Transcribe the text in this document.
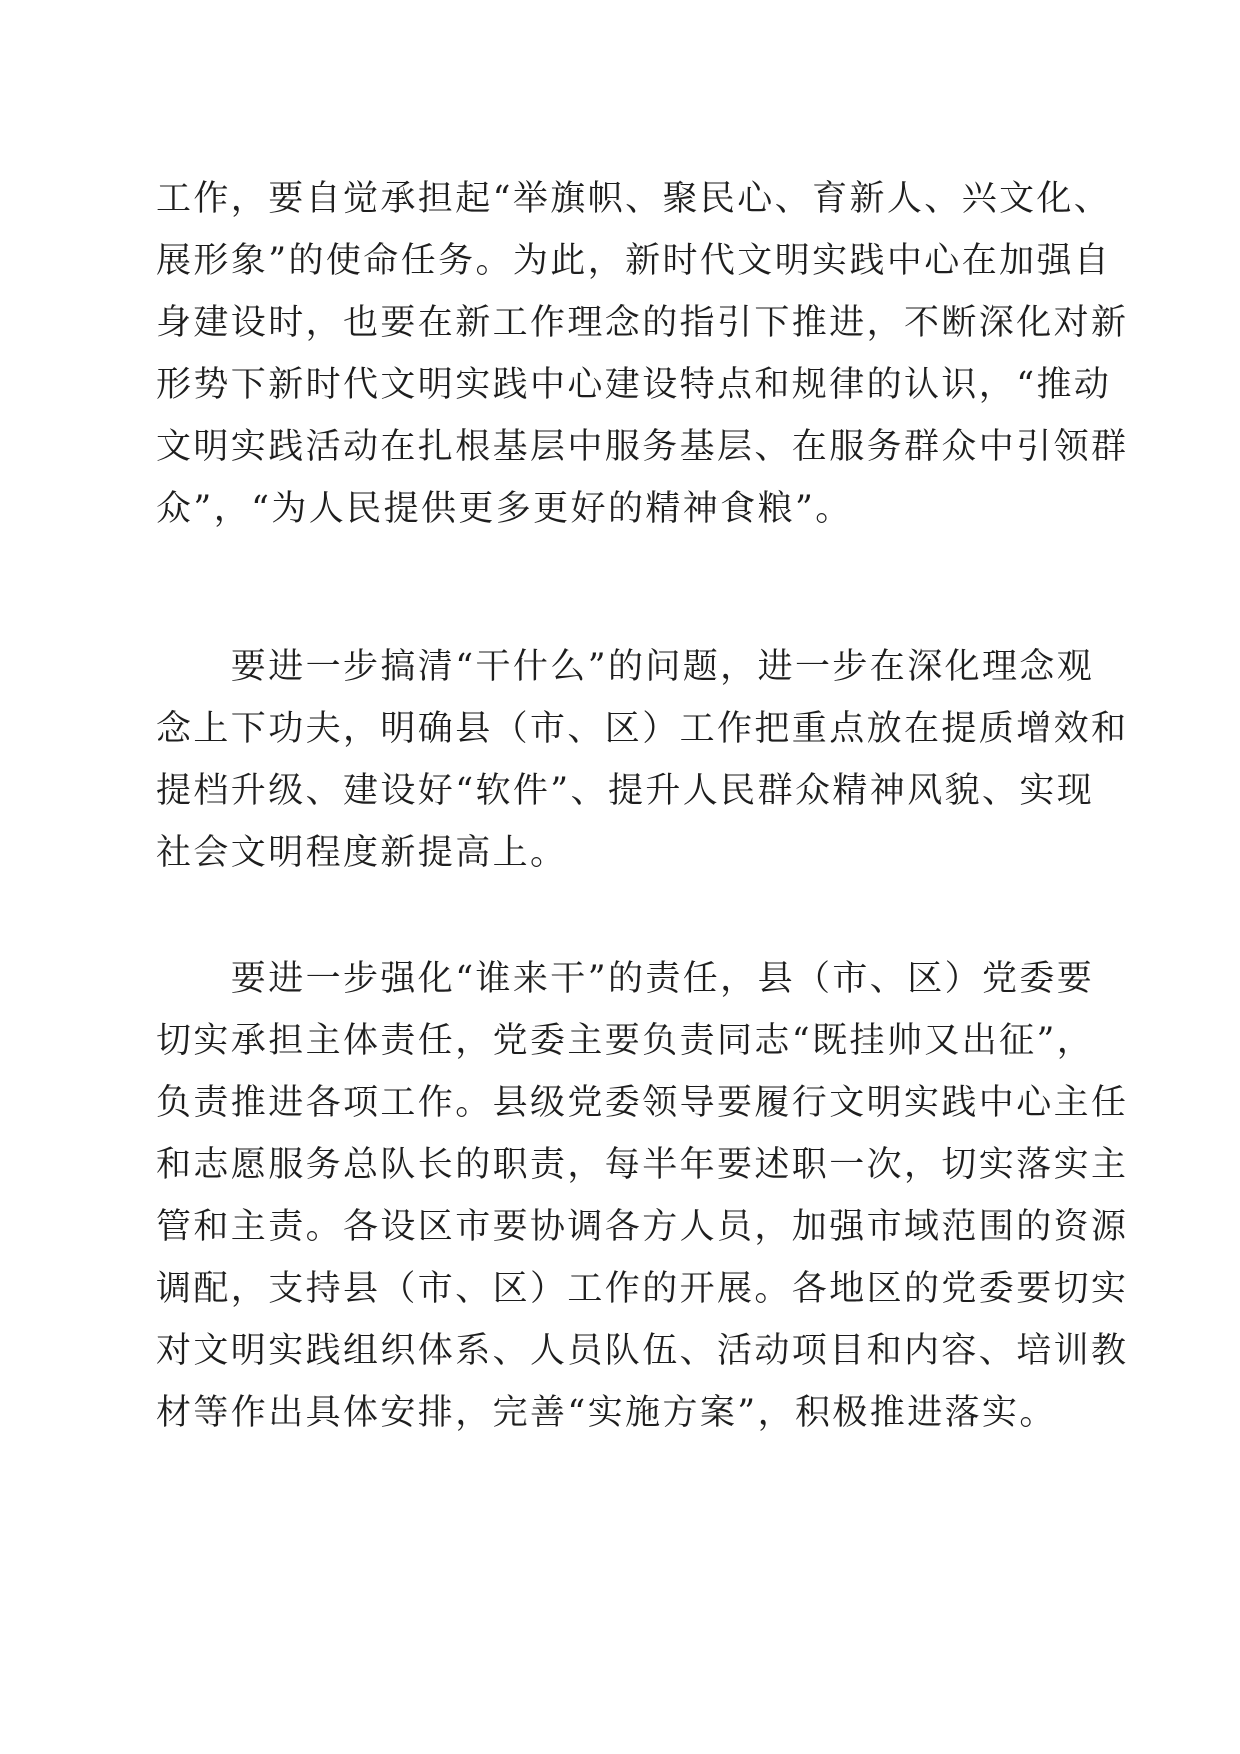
工作，要自觉承担起“举旗帜、聚民心、育新人、兴文化、
展形象”的使命任务。为此，新时代文明实践中心在加强自
身建设时，也要在新工作理念的指引下推进，不断深化对新
形势下新时代文明实践中心建设特点和规律的认识，“推动
文明实践活动在扎根基层中服务基层、在服务群众中引领群
众”，“为人民提供更多更好的精神食粮”。
　　要进一步搞清“干什么”的问题，进一步在深化理念观
念上下功夫，明确县（市、区）工作把重点放在提质增效和
提档升级、建设好“软件”、提升人民群众精神风貌、实现
社会文明程度新提高上。
　　要进一步强化“谁来干”的责任，县（市、区）党委要
切实承担主体责任，党委主要负责同志“既挂帅又出征”，
负责推进各项工作。县级党委领导要履行文明实践中心主任
和志愿服务总队长的职责，每半年要述职一次，切实落实主
管和主责。各设区市要协调各方人员，加强市域范围的资源
调配，支持县（市、区）工作的开展。各地区的党委要切实
对文明实践组织体系、人员队伍、活动项目和内容、培训教
材等作出具体安排，完善“实施方案”，积极推进落实。
